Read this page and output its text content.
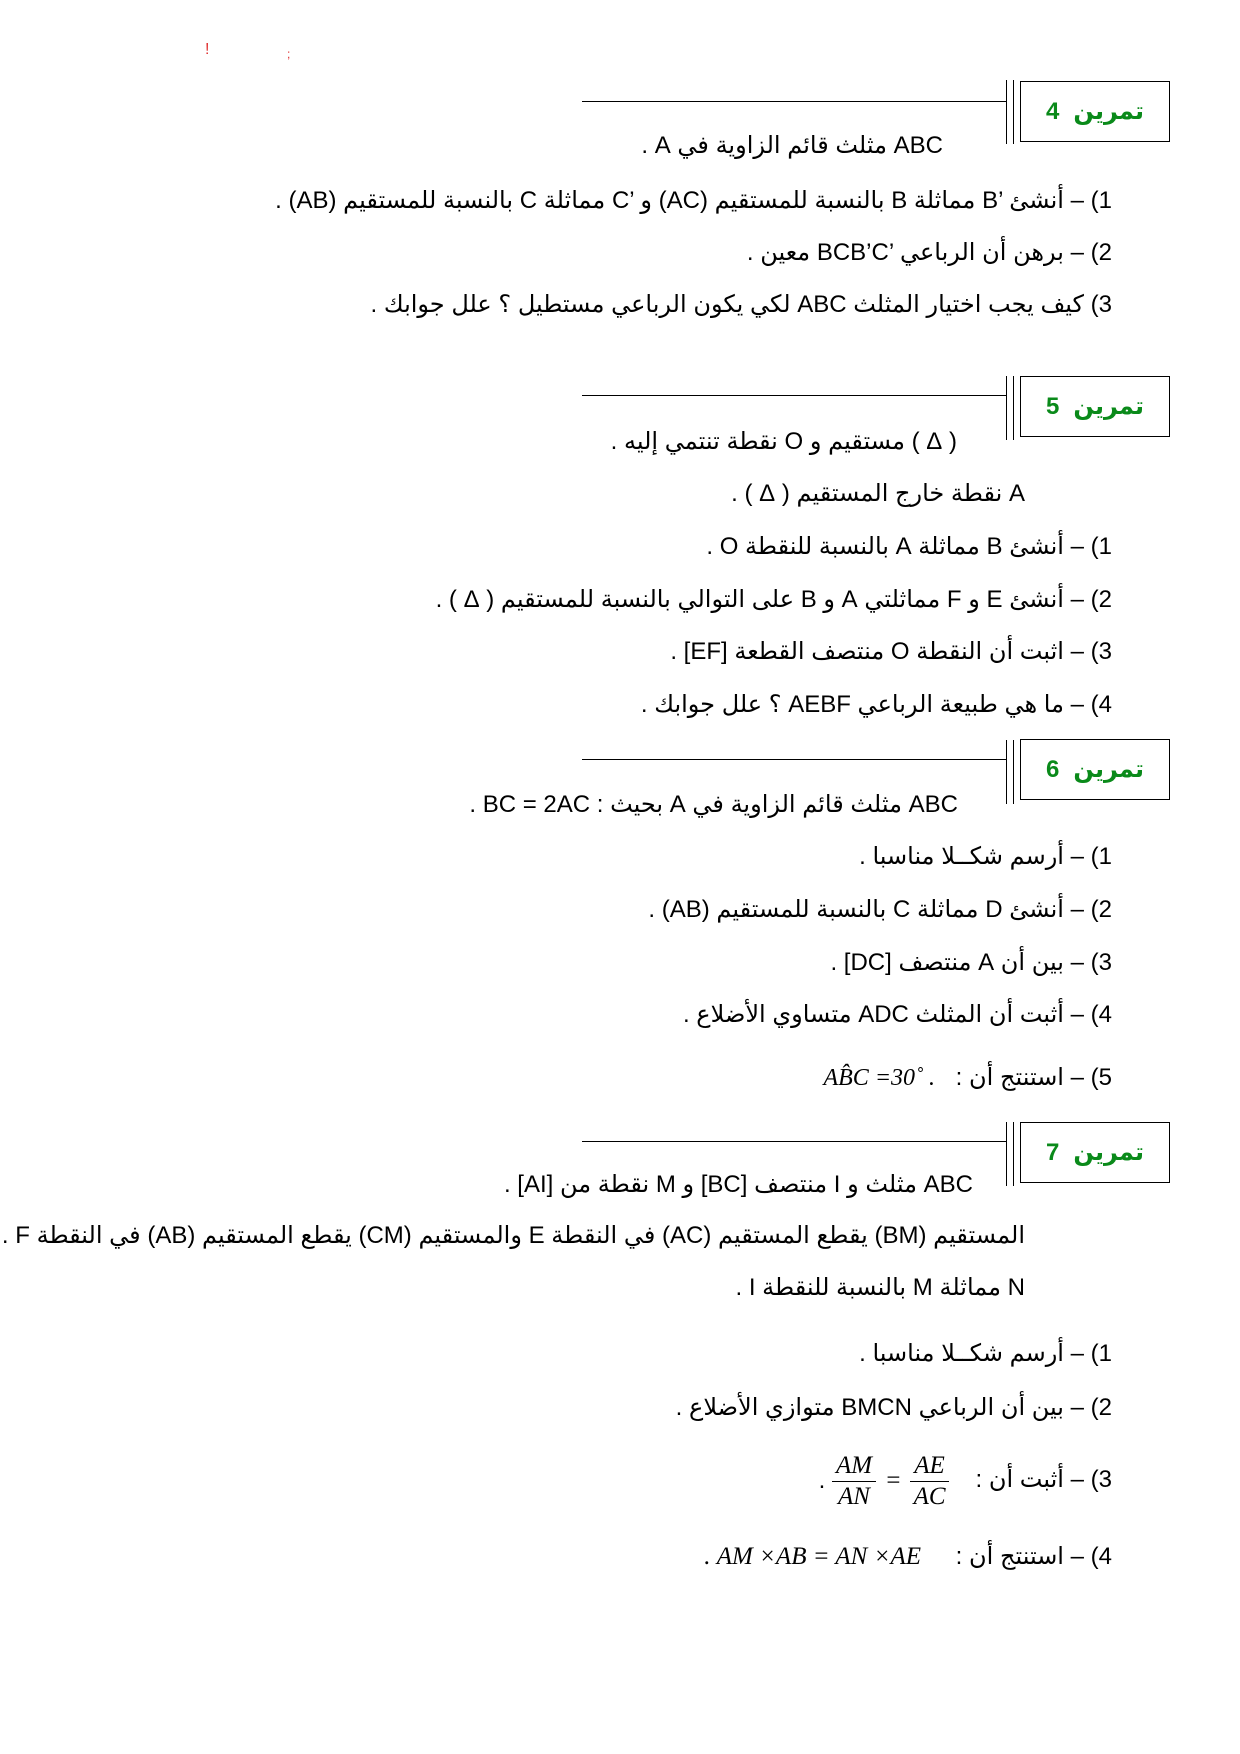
!	;
تمرين
4
ABC مثلث قائم الزاوية في A .
1) – أنشئ ’B مماثلة B بالنسبة للمستقيم (AC) و ’C مماثلة C بالنسبة للمستقيم (AB) .
2) – برهن أن الرباعي ’BCB’C معين .
3) كيف يجب اختيار المثلث ABC لكي يكون الرباعي مستطيل ؟ علل جوابك .
تمرين
5
( Δ ) مستقيم و O نقطة تنتمي إليه .
A نقطة خارج المستقيم ( Δ ) .
1) – أنشئ B مماثلة A بالنسبة للنقطة O .
2) – أنشئ E و F مماثلتي A و B على التوالي بالنسبة للمستقيم ( Δ ) .
3) – اثبت أن النقطة O منتصف القطعة [EF] .
4) – ما هي طبيعة الرباعي AEBF ؟ علل جوابك .
تمرين
6
ABC مثلث قائم الزاوية في A بحيث : BC = 2AC .
1) – أرسم شكــلا مناسبا .
2) – أنشئ D مماثلة C بالنسبة للمستقيم (AB) .
3) – بين أن A منتصف [DC] .
4) – أثبت أن المثلث ADC متساوي الأضلاع .
5) – استنتج أن : AB̂C =30˚ .
تمرين
7
ABC مثلث و I منتصف [BC] و M نقطة من [AI] .
المستقيم (BM) يقطع المستقيم (AC) في النقطة E والمستقيم (CM) يقطع المستقيم (AB) في النقطة F .
N مماثلة M بالنسبة للنقطة I .
1) – أرسم شكــلا مناسبا .
2) – بين أن الرباعي BMCN متوازي الأضلاع .
3) – أثبت أن : . $\frac{AM}{AN} = \frac{AE}{AC}$
4) – استنتج أن : . AM ×AB = AN ×AE
